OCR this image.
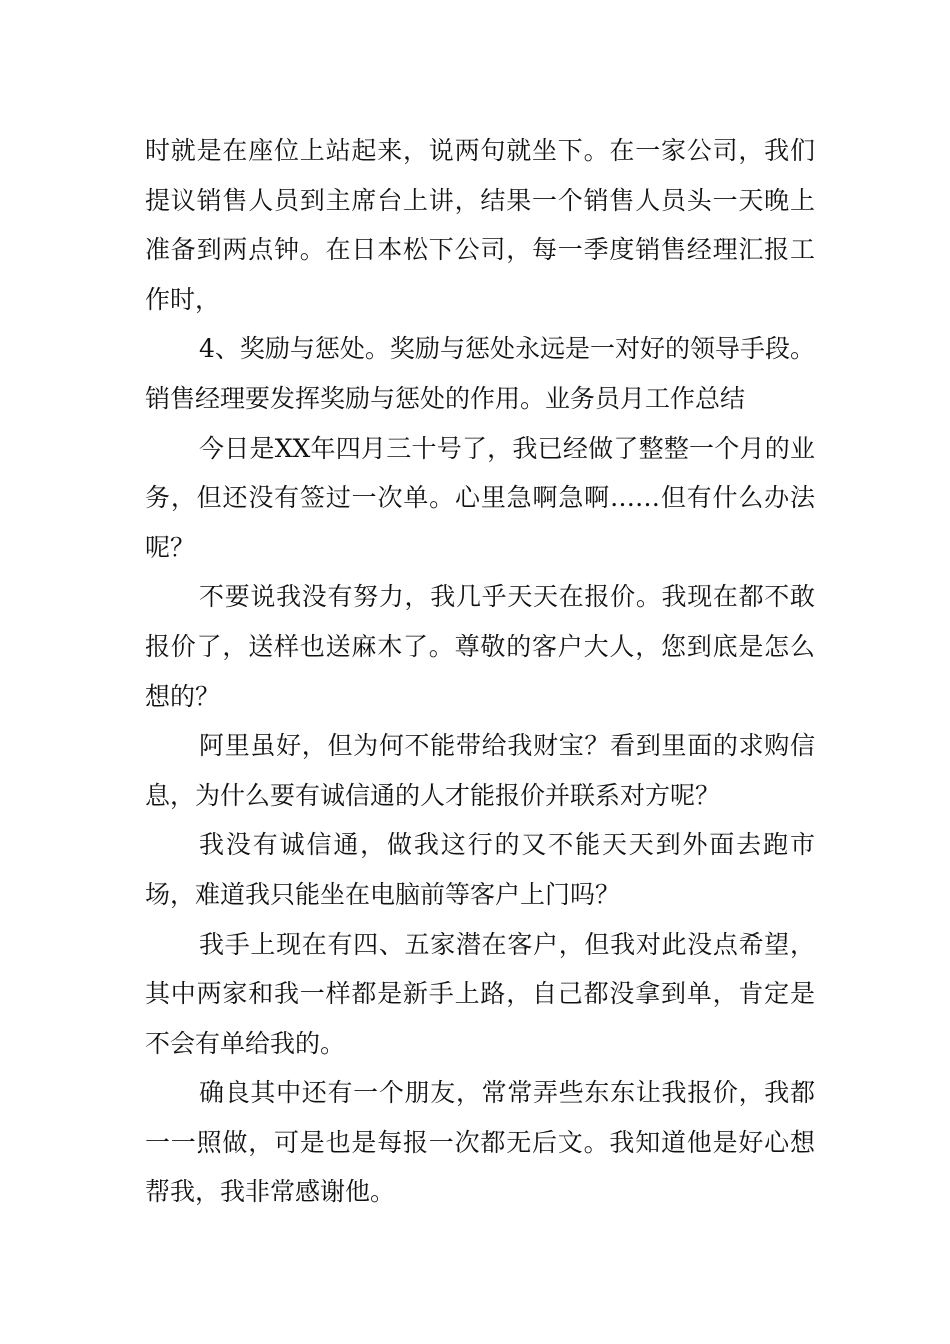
时就是在座位上站起来，说两句就坐下。在一家公司，我们提议销售人员到主席台上讲，结果一个销售人员头一天晚上准备到两点钟。在日本松下公司，每一季度销售经理汇报工作时，

4、奖励与惩处。奖励与惩处永远是一对好的领导手段。销售经理要发挥奖励与惩处的作用。业务员月工作总结

今日是XX年四月三十号了，我已经做了整整一个月的业务，但还没有签过一次单。心里急啊急啊……但有什么办法呢？

不要说我没有努力，我几乎天天在报价。我现在都不敢报价了，送样也送麻木了。尊敬的客户大人，您到底是怎么想的？

阿里虽好，但为何不能带给我财宝？看到里面的求购信息，为什么要有诚信通的人才能报价并联系对方呢？

我没有诚信通，做我这行的又不能天天到外面去跑市场，难道我只能坐在电脑前等客户上门吗？

我手上现在有四、五家潜在客户，但我对此没点希望，其中两家和我一样都是新手上路，自己都没拿到单，肯定是不会有单给我的。

确良其中还有一个朋友，常常弄些东东让我报价，我都一一照做，可是也是每报一次都无后文。我知道他是好心想帮我，我非常感谢他。
